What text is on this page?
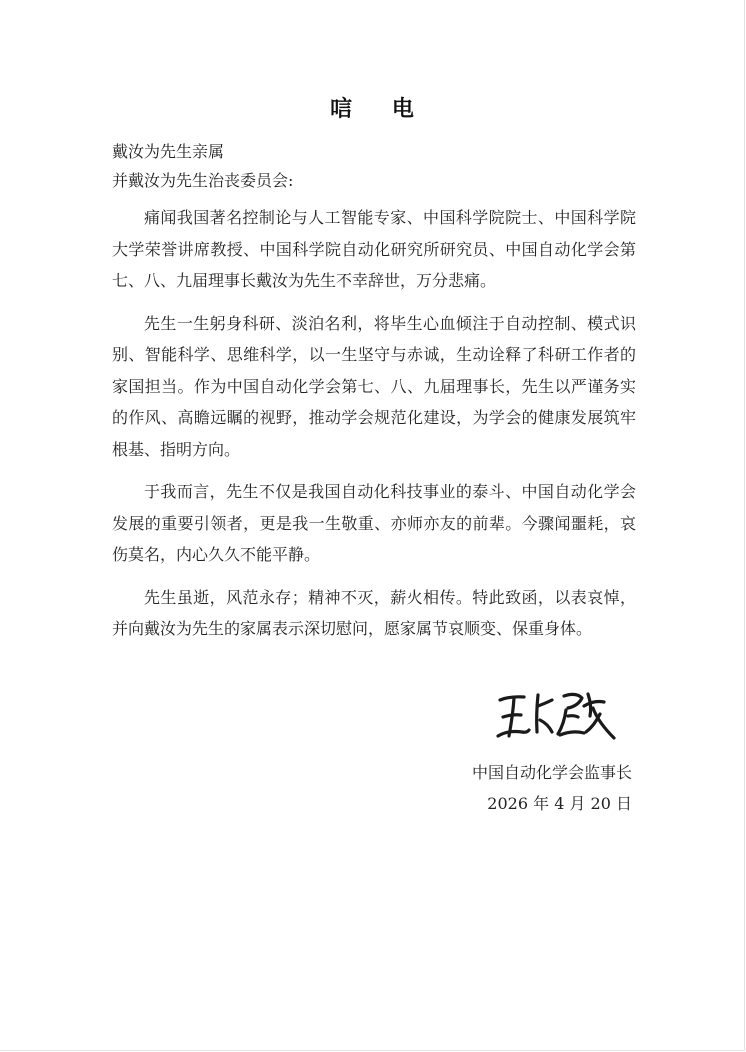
唁 电
戴汝为先生亲属
并戴汝为先生治丧委员会:

痛闻我国著名控制论与人工智能专家、中国科学院院士、中国科学院大学荣誉讲席教授、中国科学院自动化研究所研究员、中国自动化学会第七、八、九届理事长戴汝为先生不幸辞世，万分悲痛。

先生一生躬身科研、淡泊名利，将毕生心血倾注于自动控制、模式识别、智能科学、思维科学，以一生坚守与赤诚，生动诠释了科研工作者的家国担当。作为中国自动化学会第七、八、九届理事长，先生以严谨务实的作风、高瞻远瞩的视野，推动学会规范化建设，为学会的健康发展筑牢根基、指明方向。

于我而言，先生不仅是我国自动化科技事业的泰斗、中国自动化学会发展的重要引领者，更是我一生敬重、亦师亦友的前辈。今骤闻噩耗，哀伤莫名，内心久久不能平静。

先生虽逝，风范永存；精神不灭，薪火相传。特此致函，以表哀悼，并向戴汝为先生的家属表示深切慰问，愿家属节哀顺变、保重身体。

中国自动化学会监事长
2026 年 4 月 20 日
